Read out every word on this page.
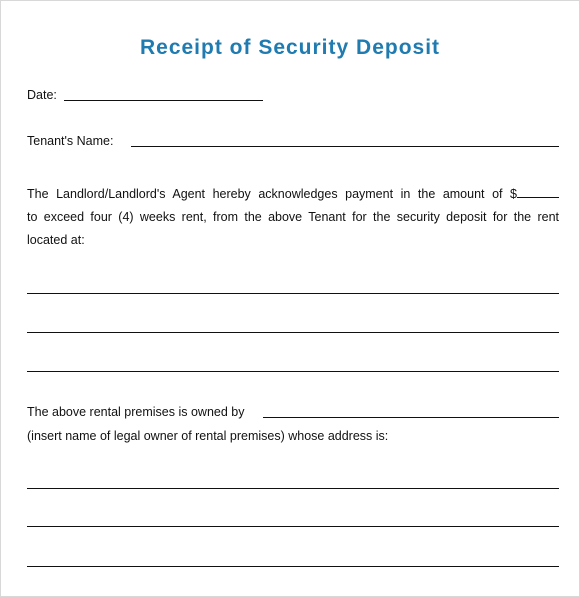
Receipt of Security Deposit
Date:
Tenant's Name:
The Landlord/Landlord's Agent hereby acknowledges payment in the amount of $
to exceed four (4) weeks rent, from the above Tenant for the security deposit for the rent
located at:
The above rental premises is owned by
(insert name of legal owner of rental premises) whose address is:
